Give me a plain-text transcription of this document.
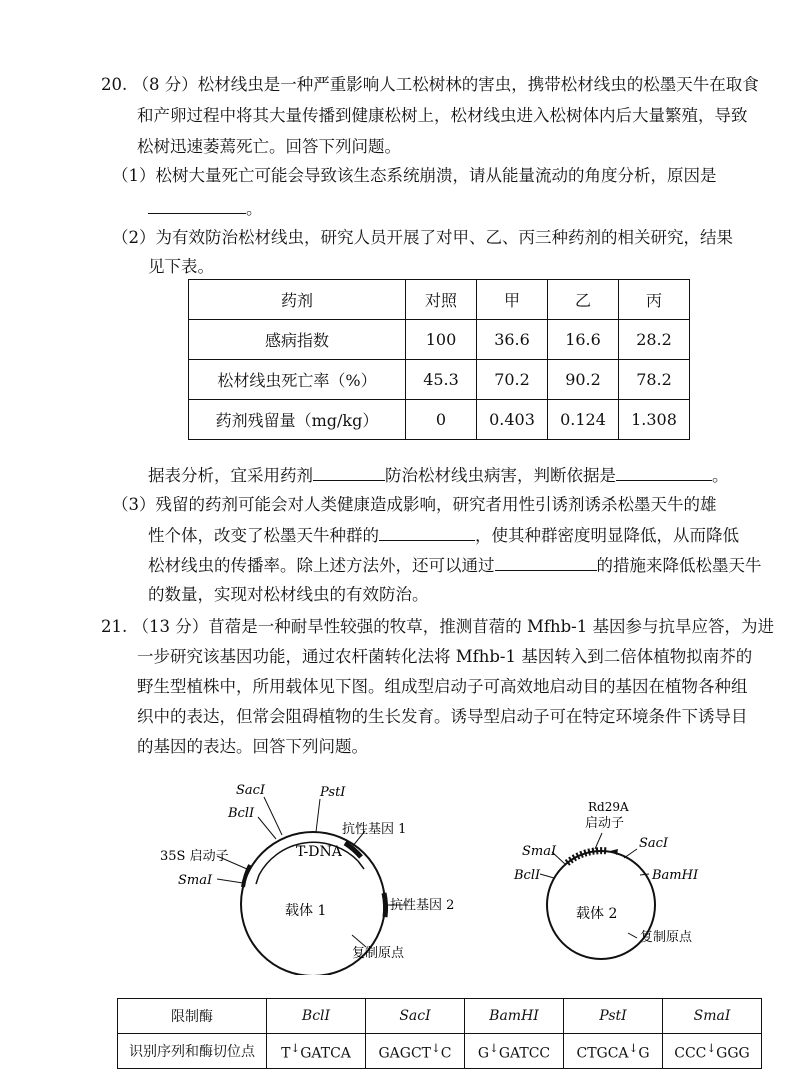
20. （8 分）松材线虫是一种严重影响人工松树林的害虫，携带松材线虫的松墨天牛在取食
和产卵过程中将其大量传播到健康松树上，松材线虫进入松树体内后大量繁殖，导致
松树迅速萎蔫死亡。回答下列问题。
（1）松树大量死亡可能会导致该生态系统崩溃，请从能量流动的角度分析，原因是
。
（2）为有效防治松材线虫，研究人员开展了对甲、乙、丙三种药剂的相关研究，结果
见下表。
药剂	对照	甲	乙	丙
感病指数	100	36.6	16.6	28.2
松材线虫死亡率（%）	45.3	70.2	90.2	78.2
药剂残留量（mg/kg）	0	0.403	0.124	1.308
据表分析，宜采用药剂	防治松材线虫病害，判断依据是	。
（3）残留的药剂可能会对人类健康造成影响，研究者用性引诱剂诱杀松墨天牛的雄
性个体，改变了松墨天牛种群的	，使其种群密度明显降低，从而降低
松材线虫的传播率。除上述方法外，还可以通过	的措施来降低松墨天牛
的数量，实现对松材线虫的有效防治。
21. （13 分）苜蓿是一种耐旱性较强的牧草，推测苜蓿的 Mfhb-1 基因参与抗旱应答，为进
一步研究该基因功能，通过农杆菌转化法将 Mfhb-1 基因转入到二倍体植物拟南芥的
野生型植株中，所用载体见下图。组成型启动子可高效地启动目的基因在植物各种组
织中的表达，但常会阻碍植物的生长发育。诱导型启动子可在特定环境条件下诱导目
的基因的表达。回答下列问题。
T-DNA
载体 1
SacI
BclI
PstI
抗性基因 1
35S 启动子
SmaI
抗性基因 2
复制原点
载体 2
Rd29A
启动子
SmaI
SacI
BclI	BamHI
复制原点
限制酶	BclI	SacI	BamHI	PstI	SmaI
识别序列和酶切位点	T↓GATCA	GAGCT↓C	G↓GATCC	CTGCA↓G	CCC↓GGG
